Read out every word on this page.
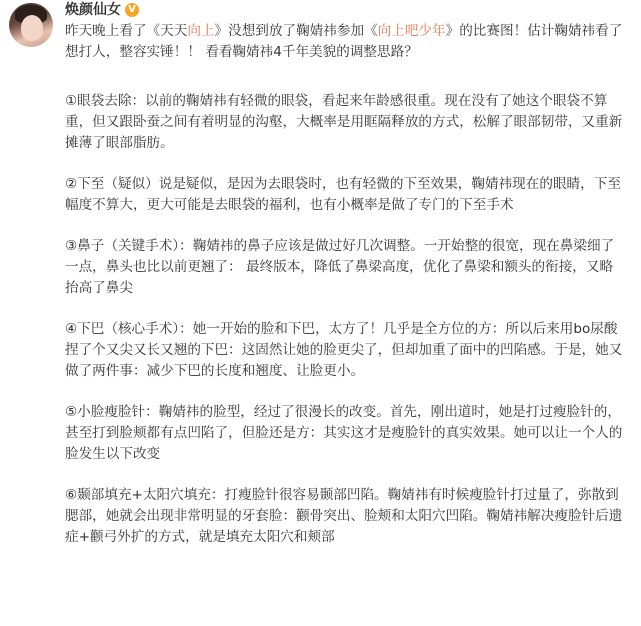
焕颜仙女 V

昨天晚上看了《天天向上》没想到放了鞠婧祎参加《向上吧少年》的比赛图！估计鞠婧祎看了想打人，整容实锤！！ 看看鞠婧祎4千年美貌的调整思路？

①眼袋去除：以前的鞠婧祎有轻微的眼袋，看起来年龄感很重。现在没有了她这个眼袋不算重，但又跟卧蚕之间有着明显的沟壑，大概率是用眶隔释放的方式，松解了眼部韧带，又重新摊薄了眼部脂肪。

②下至（疑似）说是疑似，是因为去眼袋时，也有轻微的下至效果，鞠婧祎现在的眼睛，下至幅度不算大，更大可能是去眼袋的福利，也有小概率是做了专门的下至手术

③鼻子（关键手术）：鞠婧祎的鼻子应该是做过好几次调整。一开始整的很宽，现在鼻梁细了一点，鼻头也比以前更翘了： 最终版本，降低了鼻梁高度，优化了鼻梁和额头的衔接，又略抬高了鼻尖

④下巴（核心手术）：她一开始的脸和下巴，太方了！几乎是全方位的方：所以后来用bo尿酸捏了个又尖又长又翘的下巴：这固然让她的脸更尖了，但却加重了面中的凹陷感。于是，她又做了两件事：减少下巴的长度和翘度、让脸更小。

⑤小脸瘦脸针：鞠婧祎的脸型，经过了很漫长的改变。首先，刚出道时，她是打过瘦脸针的，甚至打到脸颊都有点凹陷了，但脸还是方：其实这才是瘦脸针的真实效果。她可以让一个人的脸发生以下改变

⑥颞部填充+太阳穴填充：打瘦脸针很容易颞部凹陷。鞠婧祎有时候瘦脸针打过量了，弥散到腮部，她就会出现非常明显的牙套脸：颧骨突出、脸颊和太阳穴凹陷。鞠婧祎解决瘦脸针后遗症+颧弓外扩的方式，就是填充太阳穴和颊部
